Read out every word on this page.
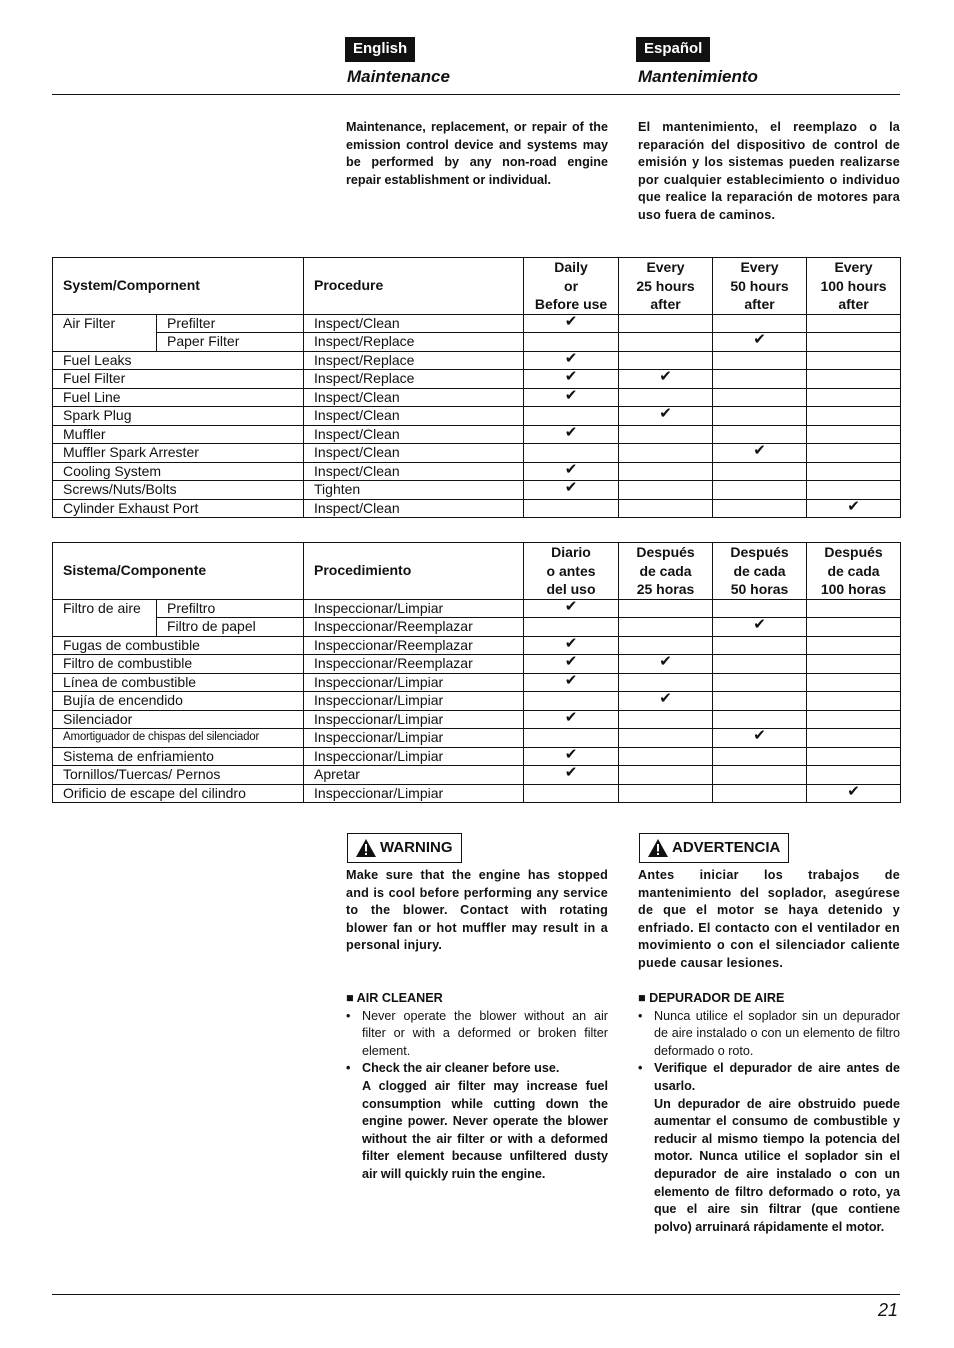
English	Español
Maintenance	Mantenimiento
Maintenance, replacement, or repair of the emission control device and systems may be performed by any non-road engine repair establishment or individual.
El mantenimiento, el reemplazo o la reparación del dispositivo de control de emisión y los sistemas pueden realizarse por cualquier establecimiento o individuo que realice la reparación de motores para uso fuera de caminos.
System/Compornent		Procedure	Daily
or
Before use	Every
25 hours
after	Every
50 hours
after	Every
100 hours
after
Air Filter	Prefilter	Inspect/Clean	✔			
	Paper Filter	Inspect/Replace			✔	
Fuel Leaks		Inspect/Replace	✔			
Fuel Filter		Inspect/Replace	✔	✔		
Fuel Line		Inspect/Clean	✔			
Spark Plug		Inspect/Clean		✔		
Muffler		Inspect/Clean	✔			
Muffler Spark Arrester		Inspect/Clean			✔	
Cooling System		Inspect/Clean	✔			
Screws/Nuts/Bolts		Tighten	✔			
Cylinder Exhaust Port		Inspect/Clean				✔
Sistema/Componente		Procedimiento	Diario
o antes
del uso	Después
de cada
25 horas	Después
de cada
50 horas	Después
de cada
100 horas
Filtro de aire	Prefiltro	Inspeccionar/Limpiar	✔			
	Filtro de papel	Inspeccionar/Reemplazar			✔	
Fugas de combustible		Inspeccionar/Reemplazar	✔			
Filtro de combustible		Inspeccionar/Reemplazar	✔	✔		
Línea de combustible		Inspeccionar/Limpiar	✔			
Bujía de encendido		Inspeccionar/Limpiar		✔		
Silenciador		Inspeccionar/Limpiar	✔			
Amortiguador de chispas del silenciador		Inspeccionar/Limpiar			✔	
Sistema de enfriamiento		Inspeccionar/Limpiar	✔			
Tornillos/Tuercas/ Pernos		Apretar	✔			
Orificio de escape del cilindro		Inspeccionar/Limpiar				✔
WARNING	ADVERTENCIA
Make sure that the engine has stopped and is cool before performing any service to the blower. Contact with rotating blower fan or hot muffler may result in a personal injury.
Antes iniciar los trabajos de mantenimiento del soplador, asegúrese de que el motor se haya detenido y enfriado. El contacto con el ventilador en movimiento o con el silenciador caliente puede causar lesiones.
■ AIR CLEANER
• Never operate the blower without an air filter or with a deformed or broken filter element.
• Check the air cleaner before use.
A clogged air filter may increase fuel consumption while cutting down the engine power. Never operate the blower without the air filter or with a deformed filter element because unfiltered dusty air will quickly ruin the engine.
■ DEPURADOR DE AIRE
• Nunca utilice el soplador sin un depurador de aire instalado o con un elemento de filtro deformado o roto.
• Verifique el depurador de aire antes de usarlo.
Un depurador de aire obstruido puede aumentar el consumo de combustible y reducir al mismo tiempo la potencia del motor. Nunca utilice el soplador sin el depurador de aire instalado o con un elemento de filtro deformado o roto, ya que el aire sin filtrar (que contiene polvo) arruinará rápidamente el motor.
21
